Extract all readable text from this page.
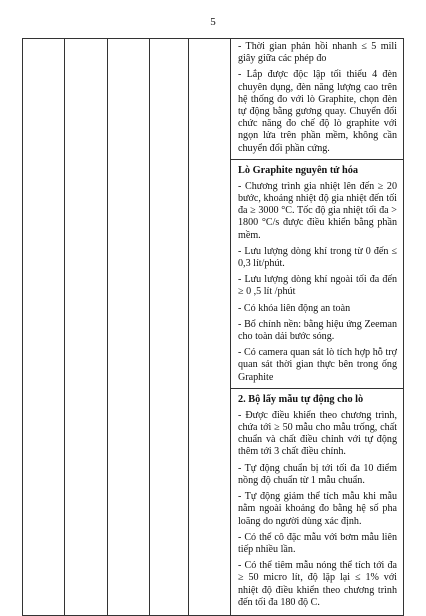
5

- Thời gian phản hồi nhanh ≤ 5 mili giây giữa các phép đo

- Lắp được độc lập tối thiểu 4 đèn chuyên dụng, đèn năng lượng cao trên hệ thống đo với lò Graphite, chọn đèn tự động bằng gương quay. Chuyển đổi chức năng đo chế độ lò graphite với ngọn lửa trên phần mềm, không cần chuyển đổi phần cứng.

Lò Graphite nguyên tử hóa

- Chương trình gia nhiệt lên đến ≥ 20 bước, khoảng nhiệt độ gia nhiệt đến tối đa ≥ 3000 °C. Tốc độ gia nhiệt tối đa > 1800 °C/s được điều khiển bằng phần mềm.

- Lưu lượng dòng khí trong từ 0 đến ≤ 0,3 lít/phút.

- Lưu lượng dòng khí ngoài tối đa đến ≥ 0 ,5 lít /phút

- Có khóa liên động an toàn

- Bổ chính nền: bằng hiệu ứng Zeeman cho toàn dải bước sóng.

- Có camera quan sát lò tích hợp hỗ trợ quan sát thời gian thực bên trong ống Graphite

2. Bộ lấy mẫu tự động cho lò

- Được điều khiển theo chương trình, chứa tới ≥ 50 mẫu cho mẫu trống, chất chuẩn và chất điều chỉnh với tự động thêm tới 3 chất điều chỉnh.

- Tự động chuẩn bị tới tối đa 10 điểm nồng độ chuẩn từ 1 mẫu chuẩn.

- Tự động giảm thể tích mẫu khi mẫu nằm ngoài khoảng đo bằng hệ số pha loãng do người dùng xác định.

- Có thể cô đặc mẫu với bơm mẫu liên tiếp nhiều lần.

- Có thể tiêm mẫu nóng thể tích tới đa ≥ 50 micro lít, độ lặp lại ≤ 1% với nhiệt độ điều khiển theo chương trình đến tối đa 180 độ C.
